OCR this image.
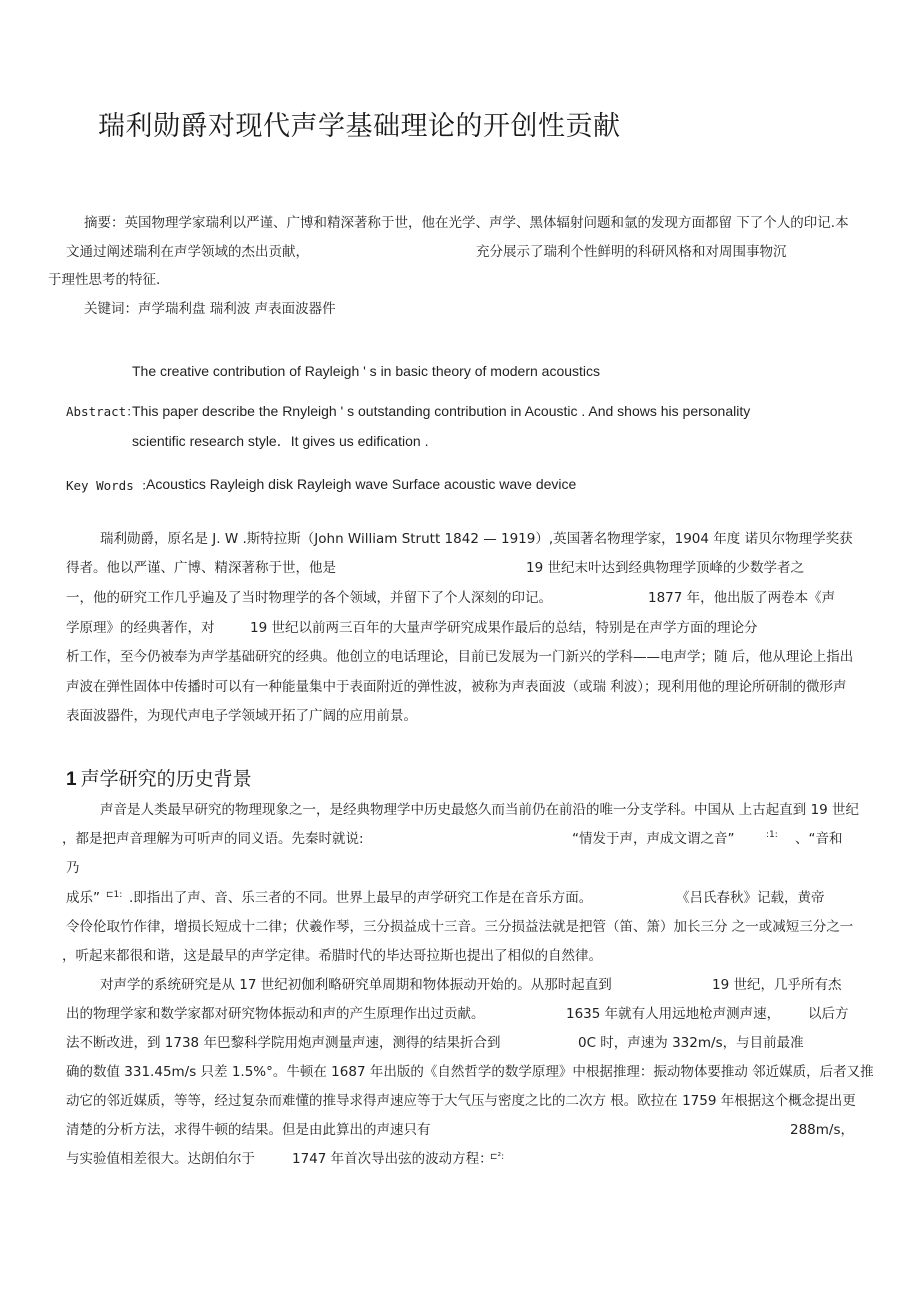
瑞利勋爵对现代声学基础理论的开创性贡献
摘要：英国物理学家瑞利以严谨、广博和精深著称于世，他在光学、声学、黑体辐射问题和氩的发现方面都留 下了个人的印记.本
文通过阐述瑞利在声学领域的杰出贡献，	充分展示了瑞利个性鲜明的科研风格和对周围事物沉
于理性思考的特征.
关键词：声学瑞利盘 瑞利波 声表面波器件
The creative contribution of Rayleigh ' s in basic theory of modern acoustics
Abstract：
This paper describe the Rnyleigh ' s outstanding contribution in Acoustic . And shows his personality
scientific research style．It gives us edification .
Key Words ：
Acoustics Rayleigh disk Rayleigh wave Surface acoustic wave device
瑞利勋爵，原名是 J. W .斯特拉斯（John William Strutt 1842 — 1919）,英国著名物理学家，1904 年度 诺贝尔物理学奖获
得者。他以严谨、广博、精深著称于世，他是	19 世纪末叶达到经典物理学顶峰的少数学者之
一，他的研究工作几乎遍及了当时物理学的各个领域，并留下了个人深刻的印记。	1877 年，他出版了两卷本《声
学原理》的经典著作，对	19 世纪以前两三百年的大量声学研究成果作最后的总结，特别是在声学方面的理论分
析工作，至今仍被奉为声学基础研究的经典。他创立的电话理论，目前已发展为一门新兴的学科——电声学；随 后，他从理论上指出
声波在弹性固体中传播时可以有一种能量集中于表面附近的弹性波，被称为声表面波（或瑞 利波）；现利用他的理论所研制的微形声
表面波器件，为现代声电子学领域开拓了广阔的应用前景。
1 声学研究的历史背景
声音是人类最早研究的物理现象之一，是经典物理学中历史最悠久而当前仍在前沿的唯一分支学科。中国从 上古起直到 19 世纪
，都是把声音理解为可听声的同义语。先秦时就说:	“情发于声，声成文谓之音”	:1: 、“音和
乃
成乐” ⊏1: .即指出了声、音、乐三者的不同。世界上最早的声学研究工作是在音乐方面。	《吕氏春秋》记载，黄帝
令伶伦取竹作律，增损长短成十二律；伏羲作琴，三分损益成十三音。三分损益法就是把管（笛、箫）加长三分 之一或减短三分之一
，听起来都很和谐，这是最早的声学定律。希腊时代的毕达哥拉斯也提出了相似的自然律。
对声学的系统研究是从 17 世纪初伽利略研究单周期和物体振动开始的。从那时起直到	19 世纪，几乎所有杰
出的物理学家和数学家都对研究物体振动和声的产生原理作出过贡献。	1635 年就有人用远地枪声测声速， 以后方
法不断改进，到 1738 年巴黎科学院用炮声测量声速，测得的结果折合到	0C 时，声速为 332m/s，与目前最准
确的数值 331.45m/s 只差 1.5%°。牛顿在 1687 年出版的《自然哲学的数学原理》中根据推理：振动物体要推动 邻近媒质，后者又推
动它的邻近媒质，等等，经过复杂而难懂的推导求得声速应等于大气压与密度之比的二次方 根。欧拉在 1759 年根据这个概念提出更
清楚的分析方法，求得牛顿的结果。但是由此算出的声速只有	288m/s，
与实验值相差很大。达朗伯尔于	1747 年首次导出弦的波动方程：
⊏²:
